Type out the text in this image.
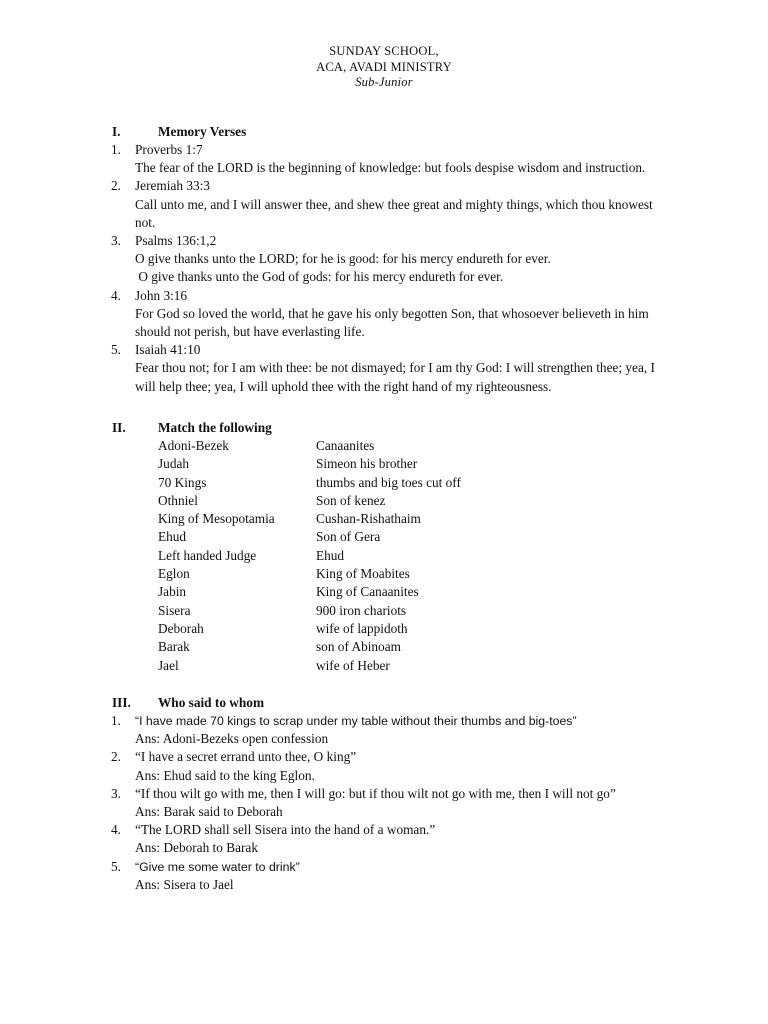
SUNDAY SCHOOL,
ACA, AVADI MINISTRY
Sub-Junior
I.	Memory Verses
1. Proverbs 1:7
The fear of the LORD is the beginning of knowledge: but fools despise wisdom and instruction.
2. Jeremiah 33:3
Call unto me, and I will answer thee, and shew thee great and mighty things, which thou knowest
not.
3. Psalms 136:1,2
O give thanks unto the LORD; for he is good: for his mercy endureth for ever.
O give thanks unto the God of gods: for his mercy endureth for ever.
4. John 3:16
For God so loved the world, that he gave his only begotten Son, that whosoever believeth in him
should not perish, but have everlasting life.
5. Isaiah 41:10
Fear thou not; for I am with thee: be not dismayed; for I am thy God: I will strengthen thee; yea, I
will help thee; yea, I will uphold thee with the right hand of my righteousness.
II. Match the following
Adoni-Bezek	Canaanites
Judah	Simeon his brother
70 Kings	thumbs and big toes cut off
Othniel	Son of kenez
King of Mesopotamia	Cushan-Rishathaim
Ehud	Son of Gera
Left handed Judge	Ehud
Eglon	King of Moabites
Jabin	King of Canaanites
Sisera	900 iron chariots
Deborah	wife of lappidoth
Barak	son of Abinoam
Jael	wife of Heber
III. Who said to whom
1. “I have made 70 kings to scrap under my table without their thumbs and big-toes”
Ans: Adoni-Bezeks open confession
2. “I have a secret errand unto thee, O king”
Ans: Ehud said to the king Eglon.
3. “If thou wilt go with me, then I will go: but if thou wilt not go with me, then I will not go”
Ans: Barak said to Deborah
4. “The LORD shall sell Sisera into the hand of a woman.”
Ans: Deborah to Barak
5. “Give me some water to drink”
Ans: Sisera to Jael
